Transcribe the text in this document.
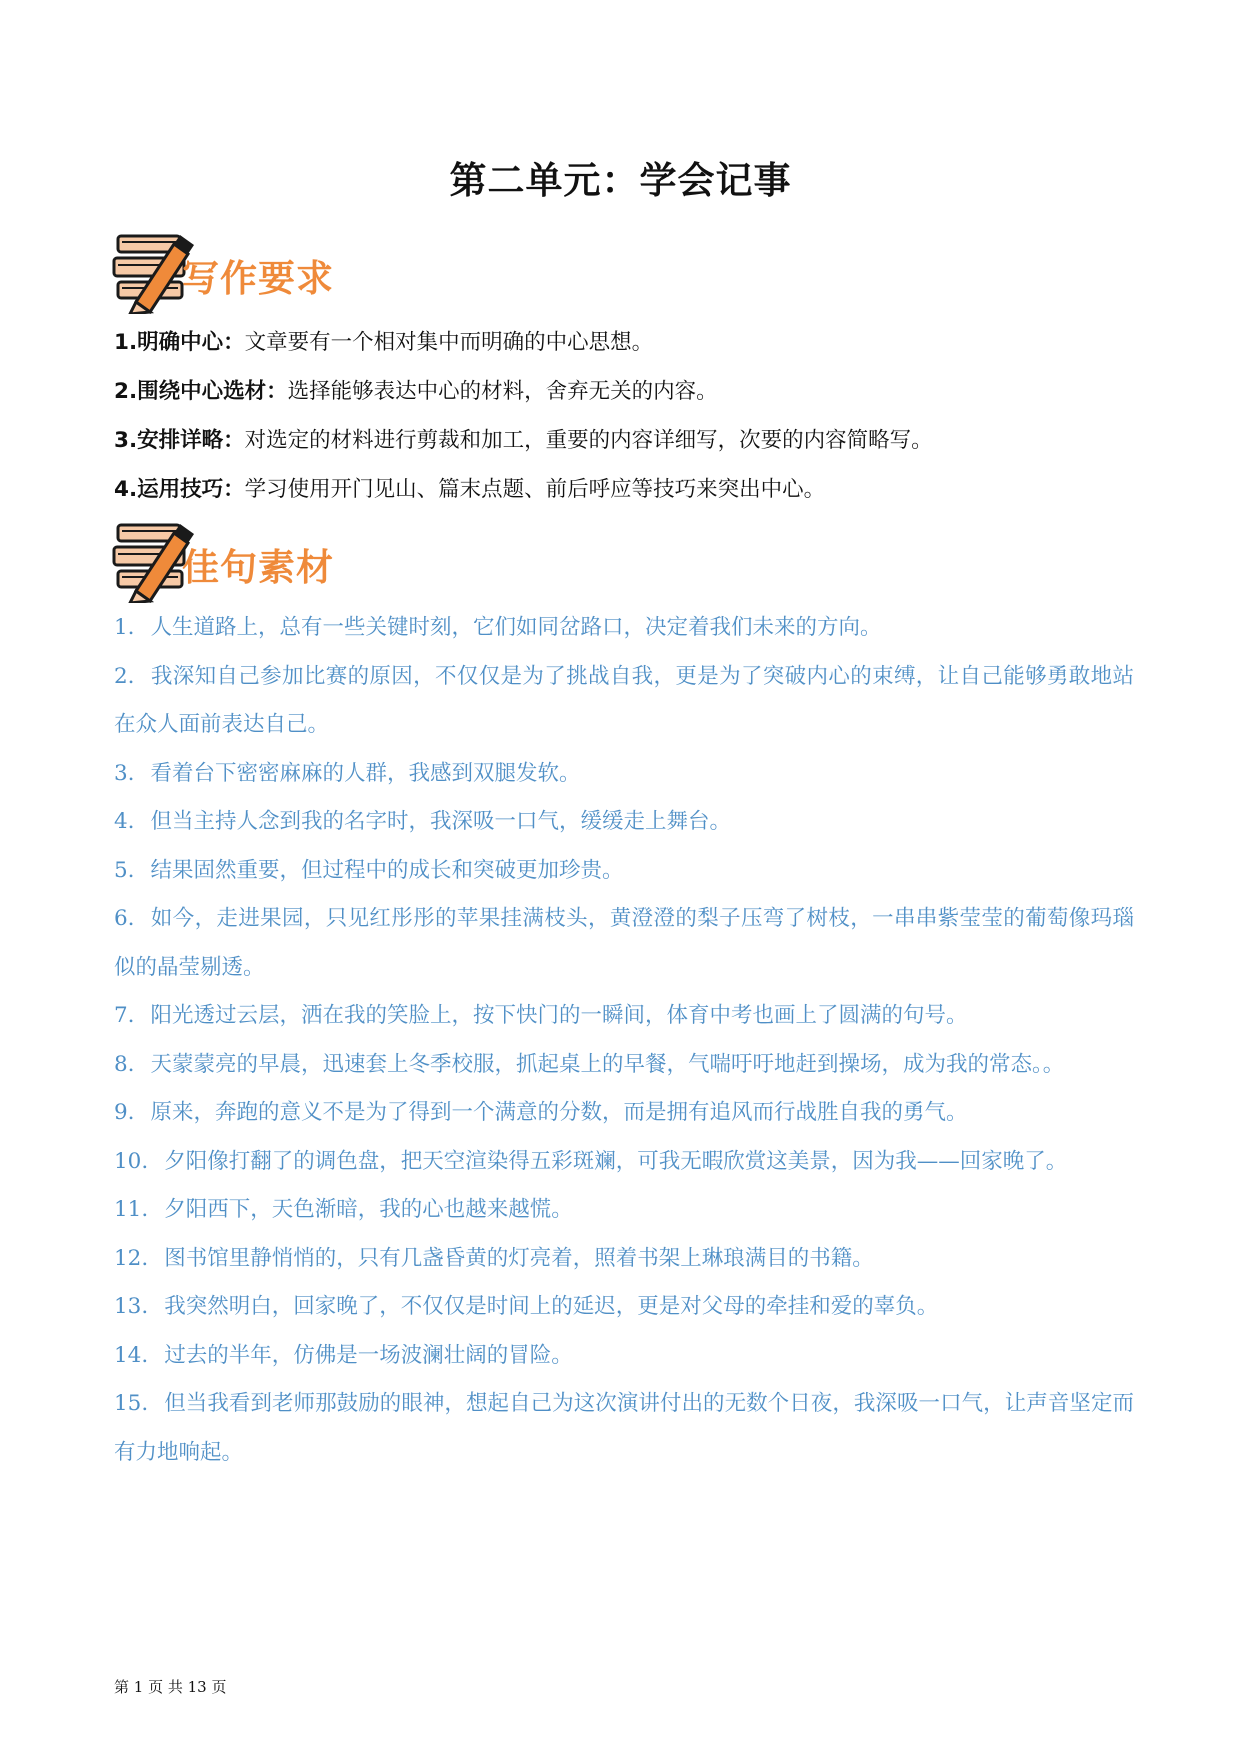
第二单元：学会记事
写作要求
1.明确中心：文章要有一个相对集中而明确的中心思想。
2.围绕中心选材：选择能够表达中心的材料，舍弃无关的内容。
3.安排详略：对选定的材料进行剪裁和加工，重要的内容详细写，次要的内容简略写。
4.运用技巧：学习使用开门见山、篇末点题、前后呼应等技巧来突出中心。
佳句素材
1. 人生道路上，总有一些关键时刻，它们如同岔路口，决定着我们未来的方向。
2. 我深知自己参加比赛的原因，不仅仅是为了挑战自我，更是为了突破内心的束缚，让自己能够勇敢地站在众人面前表达自己。
3. 看着台下密密麻麻的人群，我感到双腿发软。
4. 但当主持人念到我的名字时，我深吸一口气，缓缓走上舞台。
5. 结果固然重要，但过程中的成长和突破更加珍贵。
6. 如今，走进果园，只见红彤彤的苹果挂满枝头，黄澄澄的梨子压弯了树枝，一串串紫莹莹的葡萄像玛瑙似的晶莹剔透。
7. 阳光透过云层，洒在我的笑脸上，按下快门的一瞬间，体育中考也画上了圆满的句号。
8. 天蒙蒙亮的早晨，迅速套上冬季校服，抓起桌上的早餐，气喘吁吁地赶到操场，成为我的常态。。
9. 原来，奔跑的意义不是为了得到一个满意的分数，而是拥有追风而行战胜自我的勇气。
10. 夕阳像打翻了的调色盘，把天空渲染得五彩斑斓，可我无暇欣赏这美景，因为我——回家晚了。
11. 夕阳西下，天色渐暗，我的心也越来越慌。
12. 图书馆里静悄悄的，只有几盏昏黄的灯亮着，照着书架上琳琅满目的书籍。
13. 我突然明白，回家晚了，不仅仅是时间上的延迟，更是对父母的牵挂和爱的辜负。
14. 过去的半年，仿佛是一场波澜壮阔的冒险。
15. 但当我看到老师那鼓励的眼神，想起自己为这次演讲付出的无数个日夜，我深吸一口气，让声音坚定而有力地响起。
第 1 页 共 13 页
